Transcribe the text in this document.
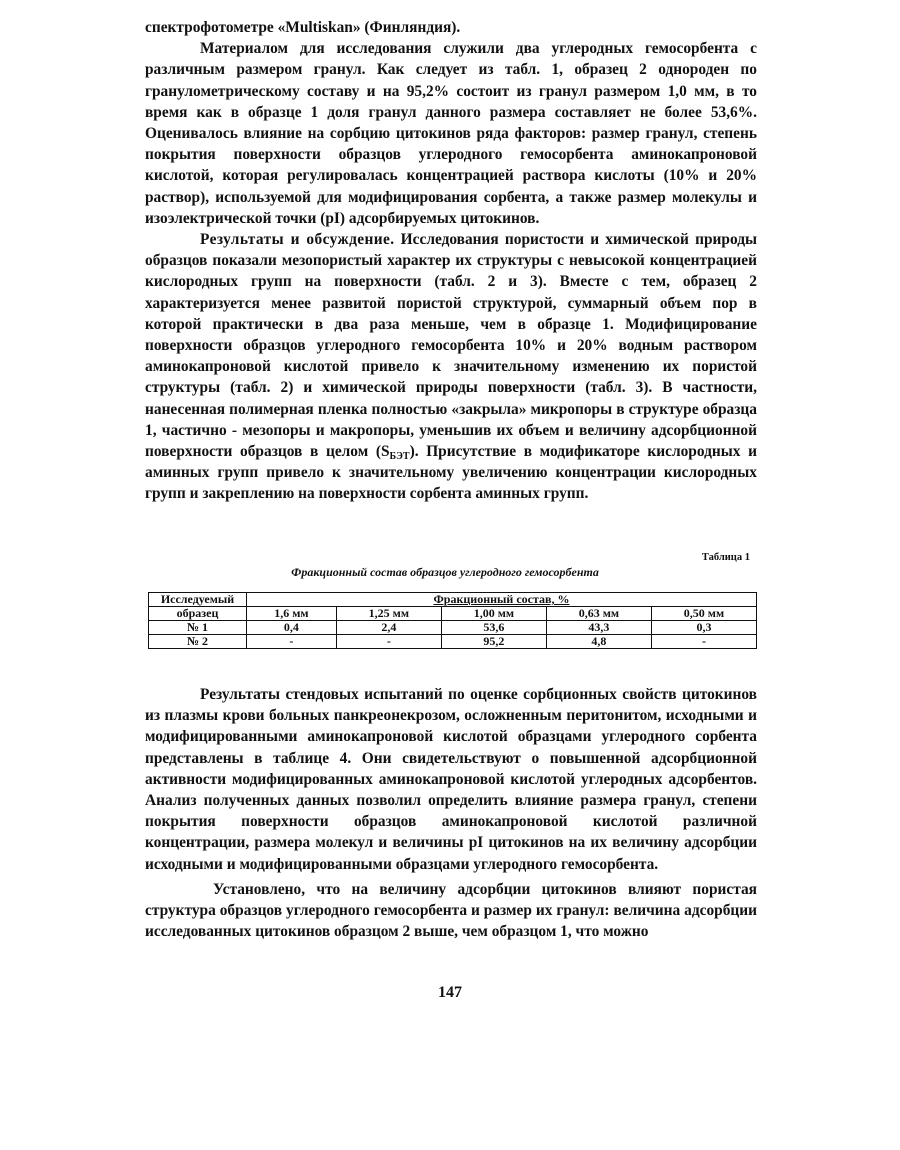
спектрофотометре «Multiskan» (Финляндия).

Материалом для исследования служили два углеродных гемосорбента с различным размером гранул. Как следует из табл. 1, образец 2 однороден по гранулометрическому составу и на 95,2% состоит из гранул размером 1,0 мм, в то время как в образце 1 доля гранул данного размера составляет не более 53,6%. Оценивалось влияние на сорбцию цитокинов ряда факторов: размер гранул, степень покрытия поверхности образцов углеродного гемосорбента аминокапроновой кислотой, которая регулировалась концентрацией раствора кислоты (10% и 20% раствор), используемой для модифицирования сорбента, а также размер молекулы и изоэлектрической точки (pI) адсорбируемых цитокинов.

Результаты и обсуждение. Исследования пористости и химической природы образцов показали мезопористый характер их структуры с невысокой концентрацией кислородных групп на поверхности (табл. 2 и 3). Вместе с тем, образец 2 характеризуется менее развитой пористой структурой, суммарный объем пор в которой практически в два раза меньше, чем в образце 1. Модифицирование поверхности образцов углеродного гемосорбента 10% и 20% водным раствором аминокапроновой кислотой привело к значительному изменению их пористой структуры (табл. 2) и химической природы поверхности (табл. 3). В частности, нанесенная полимерная пленка полностью «закрыла» микропоры в структуре образца 1, частично - мезопоры и макропоры, уменьшив их объем и величину адсорбционной поверхности образцов в целом $(S_{БЭТ})$. Присутствие в модификаторе кислородных и аминных групп привело к значительному увеличению концентрации кислородных групп и закреплению на поверхности сорбента аминных групп.

Таблица 1
Фракционный состав образцов углеродного гемосорбента
Исследуемый	Фракционный состав, %				
образец	1,6 мм	1,25 мм	1,00 мм	0,63 мм	0,50 мм
№ 1	0,4	2,4	53,6	43,3	0,3
№ 2	-	-	95,2	4,8	-

Результаты стендовых испытаний по оценке сорбционных свойств цитокинов из плазмы крови больных панкреонекрозом, осложненным перитонитом, исходными и модифицированными аминокапроновой кислотой образцами углеродного сорбента представлены в таблице 4. Они свидетельствуют о повышенной адсорбционной активности модифицированных аминокапроновой кислотой углеродных адсорбентов. Анализ полученных данных позволил определить влияние размера гранул, степени покрытия поверхности образцов аминокапроновой кислотой различной концентрации, размера молекул и величины pI цитокинов на их величину адсорбции исходными и модифицированными образцами углеродного гемосорбента.

Установлено, что на величину адсорбции цитокинов влияют пористая структура образцов углеродного гемосорбента и размер их гранул: величина адсорбции исследованных цитокинов образцом 2 выше, чем образцом 1, что можно

147
